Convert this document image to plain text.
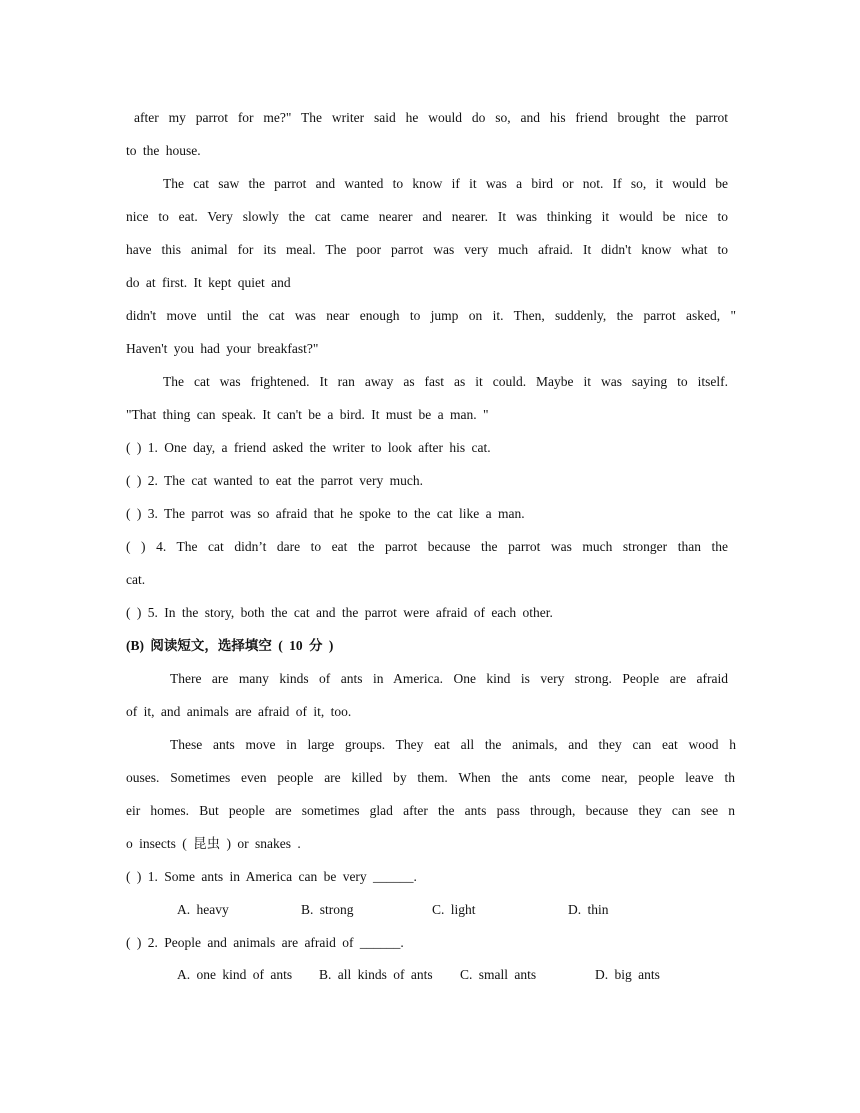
after my parrot for me?" The writer said he would do so, and his friend brought the parrot
to the house.
The cat saw the parrot and wanted to know if it was a bird or not. If so, it would be
nice to eat. Very slowly the cat came nearer and nearer. It was thinking it would be nice to
have this animal for its meal. The poor parrot was very much afraid. It didn't know what to
do at first. It kept quiet and
didn't move until the cat was near enough to jump on it. Then, suddenly, the parrot asked, "
Haven't you had your breakfast?"
The cat was frightened. It ran away as fast as it could. Maybe it was saying to itself.
"That thing can speak. It can't be a bird. It must be a man. "
( ) 1. One day, a friend asked the writer to look after his cat.
( ) 2. The cat wanted to eat the parrot very much.
( ) 3. The parrot was so afraid that he spoke to the cat like a man.
( ) 4. The cat didn’t dare to eat the parrot because the parrot was much stronger than the
cat.
( ) 5. In the story, both the cat and the parrot were afraid of each other.
(B) 阅读短文，选择填空 ( 10 分 )
There are many kinds of ants in America. One kind is very strong. People are afraid
of it, and animals are afraid of it, too.
These ants move in large groups. They eat all the animals, and they can eat wood h
ouses. Sometimes even people are killed by them. When the ants come near, people leave th
eir homes. But people are sometimes glad after the ants pass through, because they can see n
o insects ( 昆虫 ) or snakes .
( ) 1. Some ants in America can be very ______.
A. heavy	B. strong	C. light	D. thin
( ) 2. People and animals are afraid of ______.
A. one kind of ants B. all kinds of ants C. small ants	D. big ants
